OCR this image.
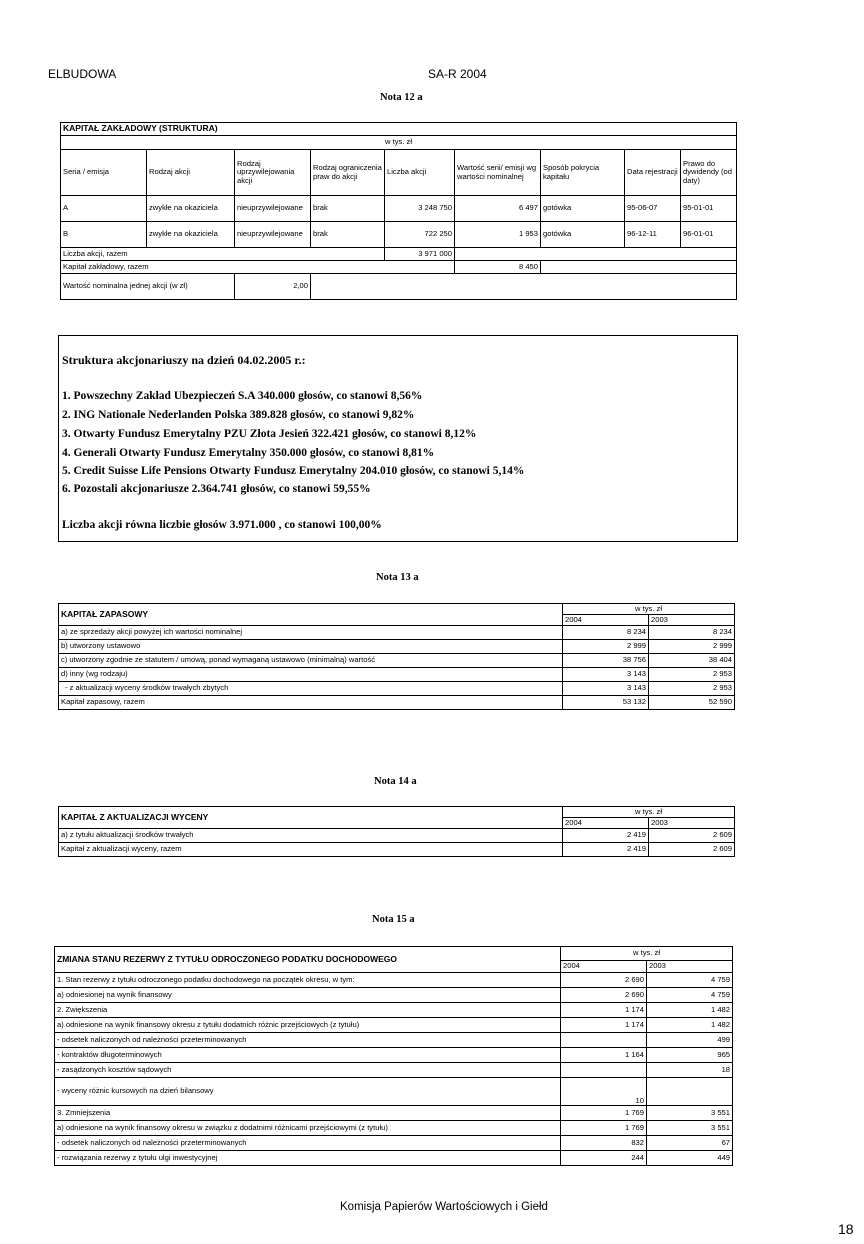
ELBUDOWA	SA-R 2004
Nota 12 a
KAPITAŁ ZAKŁADOWY (STRUKTURA)								
w tys. zł								
Seria / emisja	Rodzaj akcji	Rodzaj uprzywilejowania akcji	Rodzaj ograniczenia praw do akcji	Liczba akcji	Wartość serii/ emisji wg wartości nominalnej	Sposób pokrycia kapitału	Data rejestracji	Prawo do dywidendy (od daty)
A	zwykłe na okaziciela	nieuprzywilejowane	brak	3 248 750	6 497	gotówka	95-06-07	95-01-01
B	zwykłe na okaziciela	nieuprzywilejowane	brak	722 250	1 953	gotówka	96-12-11	96-01-01
Liczba akcji, razem				3 971 000				
Kapitał zakładowy, razem					8 450			
Wartość nominalna jednej akcji (w zł)		2,00						
Struktura akcjonariuszy na dzień 04.02.2005 r.:
1. Powszechny Zakład Ubezpieczeń S.A 340.000 głosów, co stanowi 8,56%
2. ING Nationale Nederlanden Polska 389.828 głosów, co stanowi 9,82%
3. Otwarty Fundusz Emerytalny PZU Złota Jesień 322.421 głosów, co stanowi 8,12%
4. Generali Otwarty Fundusz Emerytalny 350.000 głosów, co stanowi 8,81%
5. Credit Suisse Life Pensions Otwarty Fundusz Emerytalny 204.010 głosów, co stanowi 5,14%
6. Pozostali akcjonariusze 2.364.741 głosów, co stanowi 59,55%
Liczba akcji równa liczbie głosów 3.971.000 , co stanowi 100,00%
Nota 13 a
KAPITAŁ ZAPASOWY	w tys. zł	
	2004	2003
a) ze sprzedaży akcji powyżej ich wartości nominalnej	8 234	8 234
b) utworzony ustawowo	2 999	2 999
c) utworzony zgodnie ze statutem / umową, ponad wymaganą ustawowo (minimalną) wartość	38 756	38 404
d) inny (wg rodzaju)	3 143	2 953
- z aktualizacji wyceny środków trwałych zbytych	3 143	2 953
Kapitał zapasowy, razem	53 132	52 590
Nota 14 a
KAPITAŁ Z AKTUALIZACJI WYCENY	w tys. zł	
	2004	2003
a) z tytułu aktualizacji środków trwałych	2 419	2 609
Kapitał z aktualizacji wyceny, razem	2 419	2 609
Nota 15 a
ZMIANA STANU REZERWY Z TYTUŁU ODROCZONEGO PODATKU DOCHODOWEGO	w tys. zł	
	2004	2003
1. Stan rezerwy z tytułu odroczonego podatku dochodowego na początek okresu, w tym:	2 690	4 759
a) odniesionej na wynik finansowy	2 690	4 759
2. Zwiększenia	1 174	1 482
a) odniesione na wynik finansowy okresu z tytułu dodatnich różnic przejściowych (z tytułu)	1 174	1 482
- odsetek naliczonych od należności przeterminowanych		499
- kontraktów długoterminowych	1 164	965
- zasądzonych kosztów sądowych		18
- wyceny różnic kursowych na dzień bilansowy	10	
3. Zmniejszenia	1 769	3 551
a) odniesione na wynik finansowy okresu w związku z dodatnimi różnicami przejściowymi (z tytułu)	1 769	3 551
- odsetek naliczonych od należności przeterminowanych	832	67
- rozwiązania rezerwy z tytułu ulgi inwestycyjnej	244	449
Komisja Papierów Wartościowych i Giełd
18
